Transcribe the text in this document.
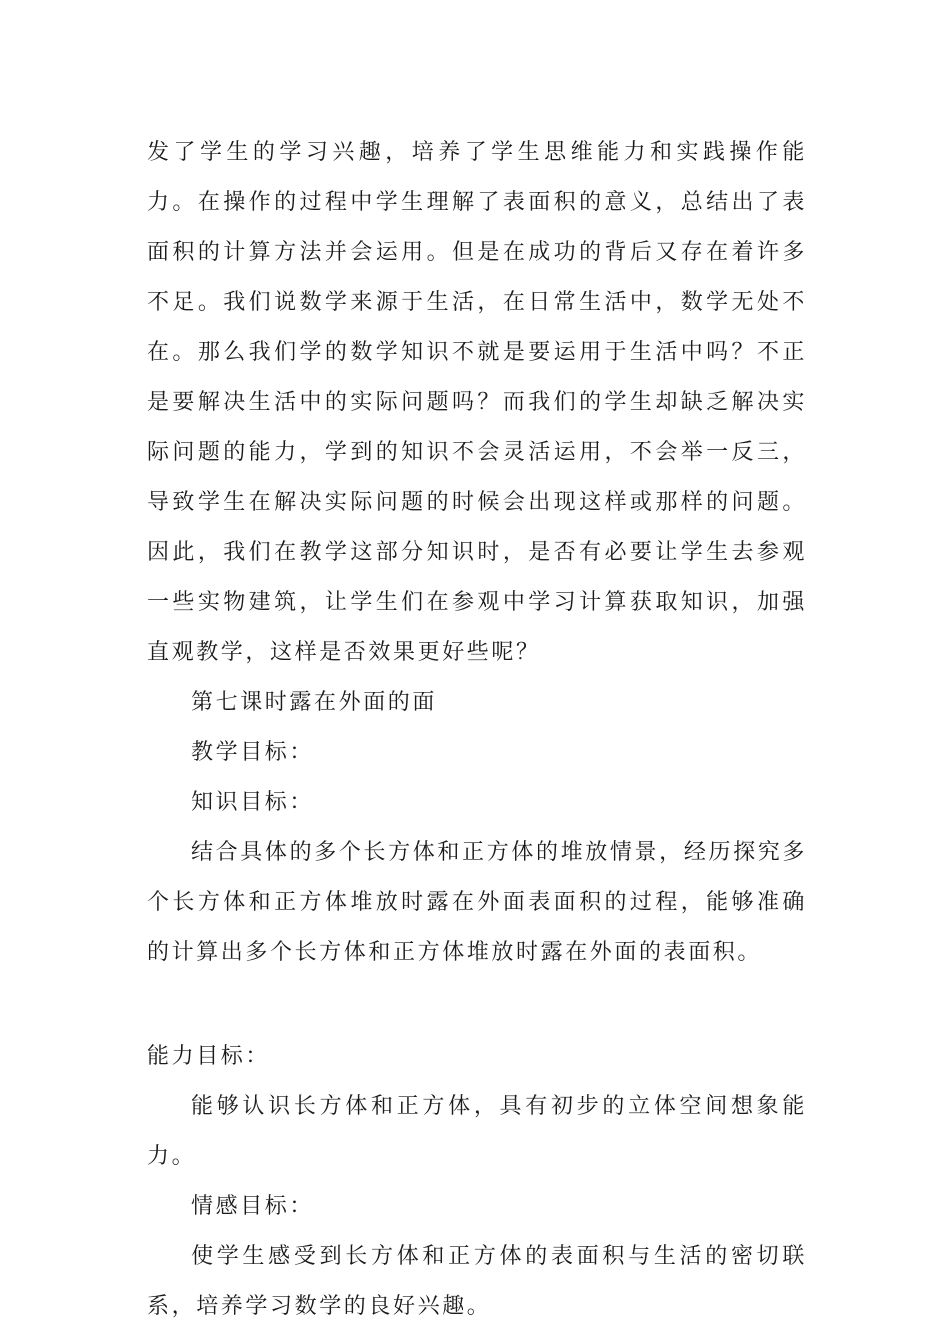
发了学生的学习兴趣，培养了学生思维能力和实践操作能力。在操作的过程中学生理解了表面积的意义，总结出了表面积的计算方法并会运用。但是在成功的背后又存在着许多不足。我们说数学来源于生活，在日常生活中，数学无处不在。那么我们学的数学知识不就是要运用于生活中吗？不正是要解决生活中的实际问题吗？而我们的学生却缺乏解决实际问题的能力，学到的知识不会灵活运用，不会举一反三，导致学生在解决实际问题的时候会出现这样或那样的问题。因此，我们在教学这部分知识时，是否有必要让学生去参观一些实物建筑，让学生们在参观中学习计算获取知识，加强直观教学，这样是否效果更好些呢？

第七课时露在外面的面

教学目标：

知识目标：

结合具体的多个长方体和正方体的堆放情景，经历探究多个长方体和正方体堆放时露在外面表面积的过程，能够准确的计算出多个长方体和正方体堆放时露在外面的表面积。

能力目标：

能够认识长方体和正方体，具有初步的立体空间想象能力。

情感目标：

使学生感受到长方体和正方体的表面积与生活的密切联系，培养学习数学的良好兴趣。
